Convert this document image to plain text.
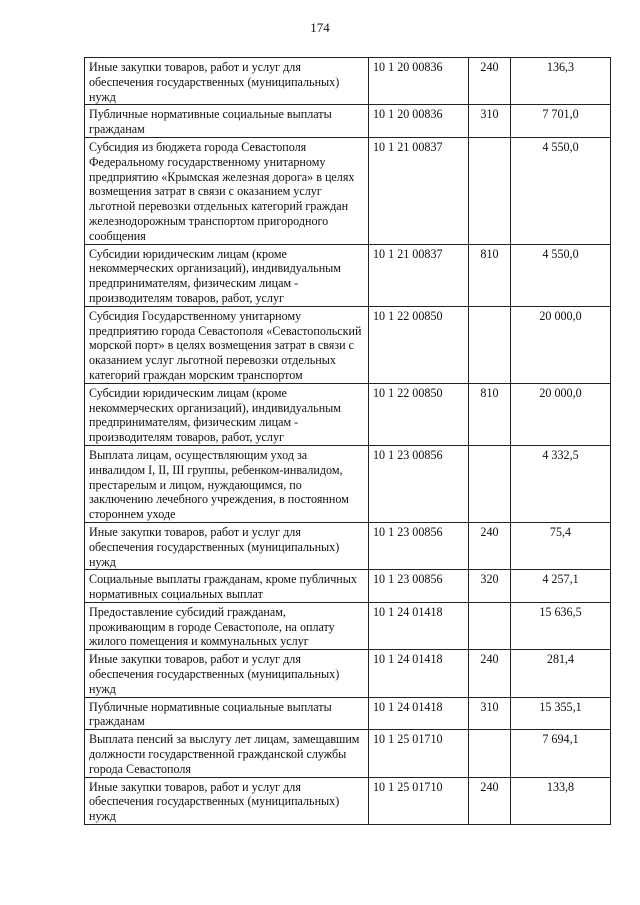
174
Иные закупки товаров, работ и услуг для обеспечения государственных (муниципальных) нужд	10 1 20 00836	240	136,3
Публичные нормативные социальные выплаты гражданам	10 1 20 00836	310	7 701,0
Субсидия из бюджета города Севастополя Федеральному государственному унитарному предприятию «Крымская железная дорога» в целях возмещения затрат в связи с оказанием услуг льготной перевозки отдельных категорий граждан железнодорожным транспортом пригородного сообщения	10 1 21 00837		4 550,0
Субсидии юридическим лицам (кроме некоммерческих организаций), индивидуальным предпринимателям, физическим лицам - производителям товаров, работ, услуг	10 1 21 00837	810	4 550,0
Субсидия Государственному унитарному предприятию города Севастополя «Севастопольский морской порт» в целях возмещения затрат в связи с оказанием услуг льготной перевозки отдельных категорий граждан морским транспортом	10 1 22 00850		20 000,0
Субсидии юридическим лицам (кроме некоммерческих организаций), индивидуальным предпринимателям, физическим лицам - производителям товаров, работ, услуг	10 1 22 00850	810	20 000,0
Выплата лицам, осуществляющим уход за инвалидом I, II, III группы, ребенком-инвалидом, престарелым и лицом, нуждающимся, по заключению лечебного учреждения, в постоянном стороннем уходе	10 1 23 00856		4 332,5
Иные закупки товаров, работ и услуг для обеспечения государственных (муниципальных) нужд	10 1 23 00856	240	75,4
Социальные выплаты гражданам, кроме публичных нормативных социальных выплат	10 1 23 00856	320	4 257,1
Предоставление субсидий гражданам, проживающим в городе Севастополе, на оплату жилого помещения и коммунальных услуг	10 1 24 01418		15 636,5
Иные закупки товаров, работ и услуг для обеспечения государственных (муниципальных) нужд	10 1 24 01418	240	281,4
Публичные нормативные социальные выплаты гражданам	10 1 24 01418	310	15 355,1
Выплата пенсий за выслугу лет лицам, замещавшим должности государственной гражданской службы города Севастополя	10 1 25 01710		7 694,1
Иные закупки товаров, работ и услуг для обеспечения государственных (муниципальных) нужд	10 1 25 01710	240	133,8
